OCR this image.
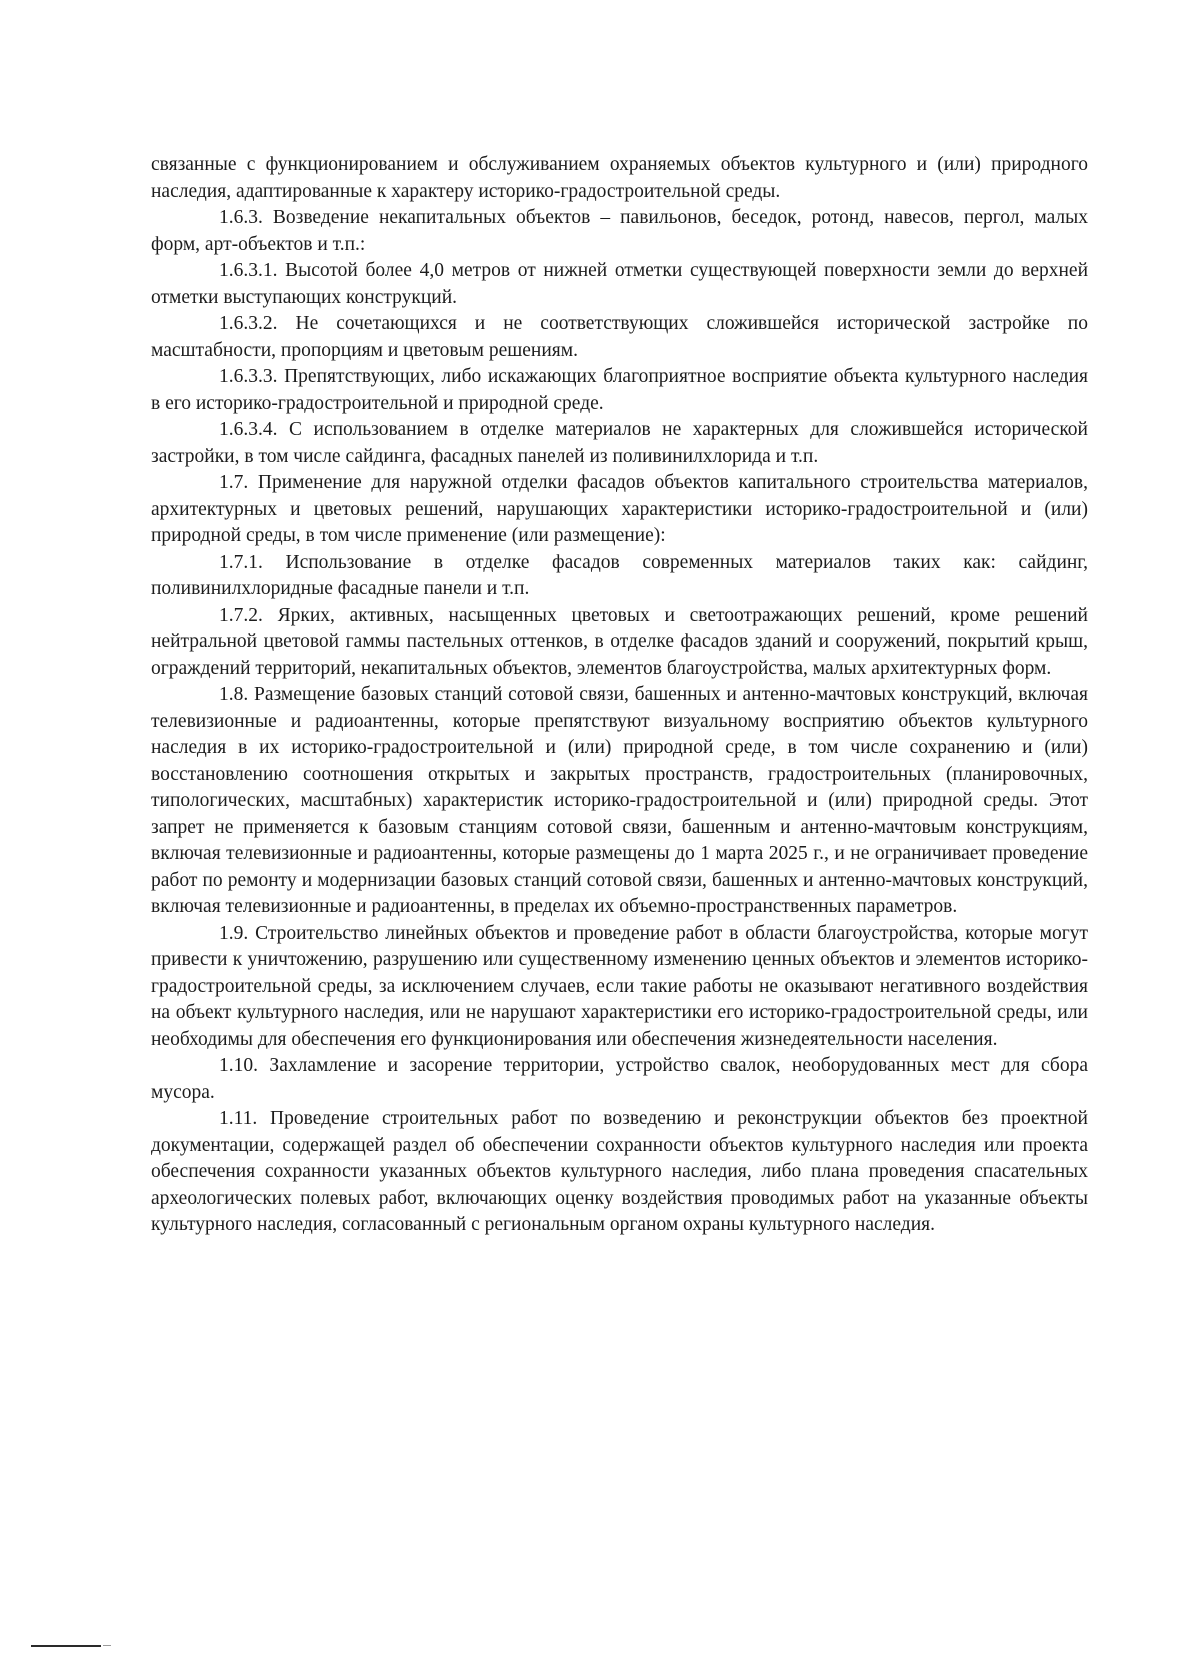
связанные с функционированием и обслуживанием охраняемых объектов культурного и (или) природного наследия, адаптированные к характеру историко-градостроительной среды.

1.6.3. Возведение некапитальных объектов – павильонов, беседок, ротонд, навесов, пергол, малых форм, арт-объектов и т.п.:

1.6.3.1. Высотой более 4,0 метров от нижней отметки существующей поверхности земли до верхней отметки выступающих конструкций.

1.6.3.2. Не сочетающихся и не соответствующих сложившейся исторической застройке по масштабности, пропорциям и цветовым решениям.

1.6.3.3. Препятствующих, либо искажающих благоприятное восприятие объекта культурного наследия в его историко-градостроительной и природной среде.

1.6.3.4. С использованием в отделке материалов не характерных для сложившейся исторической застройки, в том числе сайдинга, фасадных панелей из поливинилхлорида и т.п.

1.7. Применение для наружной отделки фасадов объектов капитального строительства материалов, архитектурных и цветовых решений, нарушающих характеристики историко-градостроительной и (или) природной среды, в том числе применение (или размещение):

1.7.1. Использование в отделке фасадов современных материалов таких как: сайдинг, поливинилхлоридные фасадные панели и т.п.

1.7.2. Ярких, активных, насыщенных цветовых и светоотражающих решений, кроме решений нейтральной цветовой гаммы пастельных оттенков, в отделке фасадов зданий и сооружений, покрытий крыш, ограждений территорий, некапитальных объектов, элементов благоустройства, малых архитектурных форм.

1.8. Размещение базовых станций сотовой связи, башенных и антенно-мачтовых конструкций, включая телевизионные и радиоантенны, которые препятствуют визуальному восприятию объектов культурного наследия в их историко-градостроительной и (или) природной среде, в том числе сохранению и (или) восстановлению соотношения открытых и закрытых пространств, градостроительных (планировочных, типологических, масштабных) характеристик историко-градостроительной и (или) природной среды. Этот запрет не применяется к базовым станциям сотовой связи, башенным и антенно-мачтовым конструкциям, включая телевизионные и радиоантенны, которые размещены до 1 марта 2025 г., и не ограничивает проведение работ по ремонту и модернизации базовых станций сотовой связи, башенных и антенно-мачтовых конструкций, включая телевизионные и радиоантенны, в пределах их объемно-пространственных параметров.

1.9. Строительство линейных объектов и проведение работ в области благоустройства, которые могут привести к уничтожению, разрушению или существенному изменению ценных объектов и элементов историко-градостроительной среды, за исключением случаев, если такие работы не оказывают негативного воздействия на объект культурного наследия, или не нарушают характеристики его историко-градостроительной среды, или необходимы для обеспечения его функционирования или обеспечения жизнедеятельности населения.

1.10. Захламление и засорение территории, устройство свалок, необорудованных мест для сбора мусора.

1.11. Проведение строительных работ по возведению и реконструкции объектов без проектной документации, содержащей раздел об обеспечении сохранности объектов культурного наследия или проекта обеспечения сохранности указанных объектов культурного наследия, либо плана проведения спасательных археологических полевых работ, включающих оценку воздействия проводимых работ на указанные объекты культурного наследия, согласованный с региональным органом охраны культурного наследия.
